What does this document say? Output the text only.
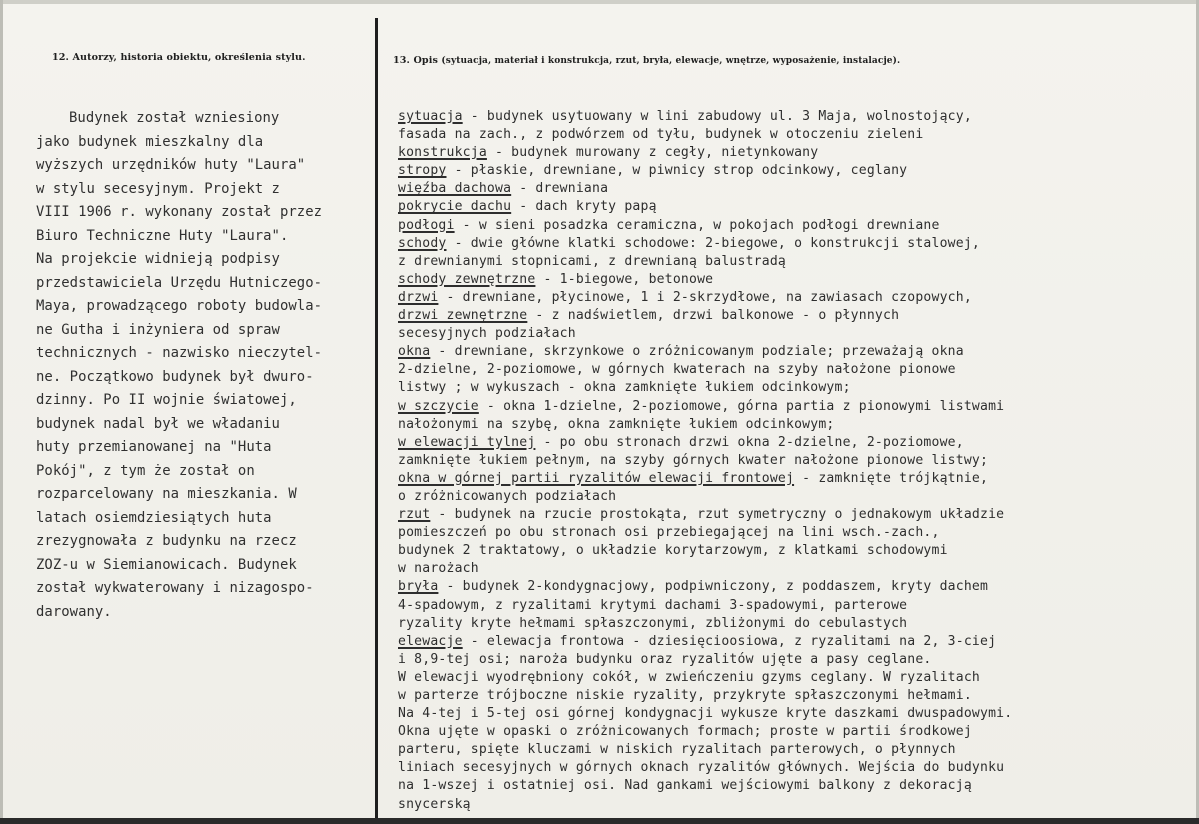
12. Autorzy, historia obiektu, określenia stylu.	13. Opis (sytuacja, materiał i konstrukcja, rzut, bryła, elewacje, wnętrze, wyposażenie, instalacje).
Budynek został wzniesiony
jako budynek mieszkalny dla
wyższych urzędników huty "Laura"
w stylu secesyjnym. Projekt z
VIII 1906 r. wykonany został przez
Biuro Techniczne Huty "Laura".
Na projekcie widnieją podpisy
przedstawiciela Urzędu Hutniczego-
Maya, prowadzącego roboty budowla-
ne Gutha i inżyniera od spraw
technicznych - nazwisko nieczytel-
ne. Początkowo budynek był dwuro-
dzinny. Po II wojnie światowej,
budynek nadal był we władaniu
huty przemianowanej na "Huta
Pokój", z tym że został on
rozparcelowany na mieszkania. W
latach osiemdziesiątych huta
zrezygnowała z budynku na rzecz
ZOZ-u w Siemianowicach. Budynek
został wykwaterowany i nizagospo-
darowany.
sytuacja - budynek usytuowany w lini zabudowy ul. 3 Maja, wolnostojący,
fasada na zach., z podwórzem od tyłu, budynek w otoczeniu zieleni
konstrukcja - budynek murowany z cegły, nietynkowany
stropy - płaskie, drewniane, w piwnicy strop odcinkowy, ceglany
więźba dachowa - drewniana
pokrycie dachu - dach kryty papą
podłogi - w sieni posadzka ceramiczna, w pokojach podłogi drewniane
schody - dwie główne klatki schodowe: 2-biegowe, o konstrukcji stalowej,
z drewnianymi stopnicami, z drewnianą balustradą
schody zewnętrzne - 1-biegowe, betonowe
drzwi - drewniane, płycinowe, 1 i 2-skrzydłowe, na zawiasach czopowych,
drzwi zewnętrzne - z nadświetlem, drzwi balkonowe - o płynnych
secesyjnych podziałach
okna - drewniane, skrzynkowe o zróżnicowanym podziale; przeważają okna
2-dzielne, 2-poziomowe, w górnych kwaterach na szyby nałożone pionowe
listwy ; w wykuszach - okna zamknięte łukiem odcinkowym;
w szczycie - okna 1-dzielne, 2-poziomowe, górna partia z pionowymi listwami
nałożonymi na szybę, okna zamknięte łukiem odcinkowym;
w elewacji tylnej - po obu stronach drzwi okna 2-dzielne, 2-poziomowe,
zamknięte łukiem pełnym, na szyby górnych kwater nałożone pionowe listwy;
okna w górnej partii ryzalitów elewacji frontowej - zamknięte trójkątnie,
o zróżnicowanych podziałach
rzut - budynek na rzucie prostokąta, rzut symetryczny o jednakowym układzie
pomieszczeń po obu stronach osi przebiegającej na lini wsch.-zach.,
budynek 2 traktatowy, o układzie korytarzowym, z klatkami schodowymi
w narożach
bryła - budynek 2-kondygnacjowy, podpiwniczony, z poddaszem, kryty dachem
4-spadowym, z ryzalitami krytymi dachami 3-spadowymi, parterowe
ryzality kryte hełmami spłaszczonymi, zbliżonymi do cebulastych
elewacje - elewacja frontowa - dziesięcioosiowa, z ryzalitami na 2, 3-ciej
i 8,9-tej osi; naroża budynku oraz ryzalitów ujęte a pasy ceglane.
W elewacji wyodrębniony cokół, w zwieńczeniu gzyms ceglany. W ryzalitach
w parterze trójboczne niskie ryzality, przykryte spłaszczonymi hełmami.
Na 4-tej i 5-tej osi górnej kondygnacji wykusze kryte daszkami dwuspadowymi.
Okna ujęte w opaski o zróżnicowanych formach; proste w partii środkowej
parteru, spięte kluczami w niskich ryzalitach parterowych, o płynnych
liniach secesyjnych w górnych oknach ryzalitów głównych. Wejścia do budynku
na 1-wszej i ostatniej osi. Nad gankami wejściowymi balkony z dekoracją
snycerską
